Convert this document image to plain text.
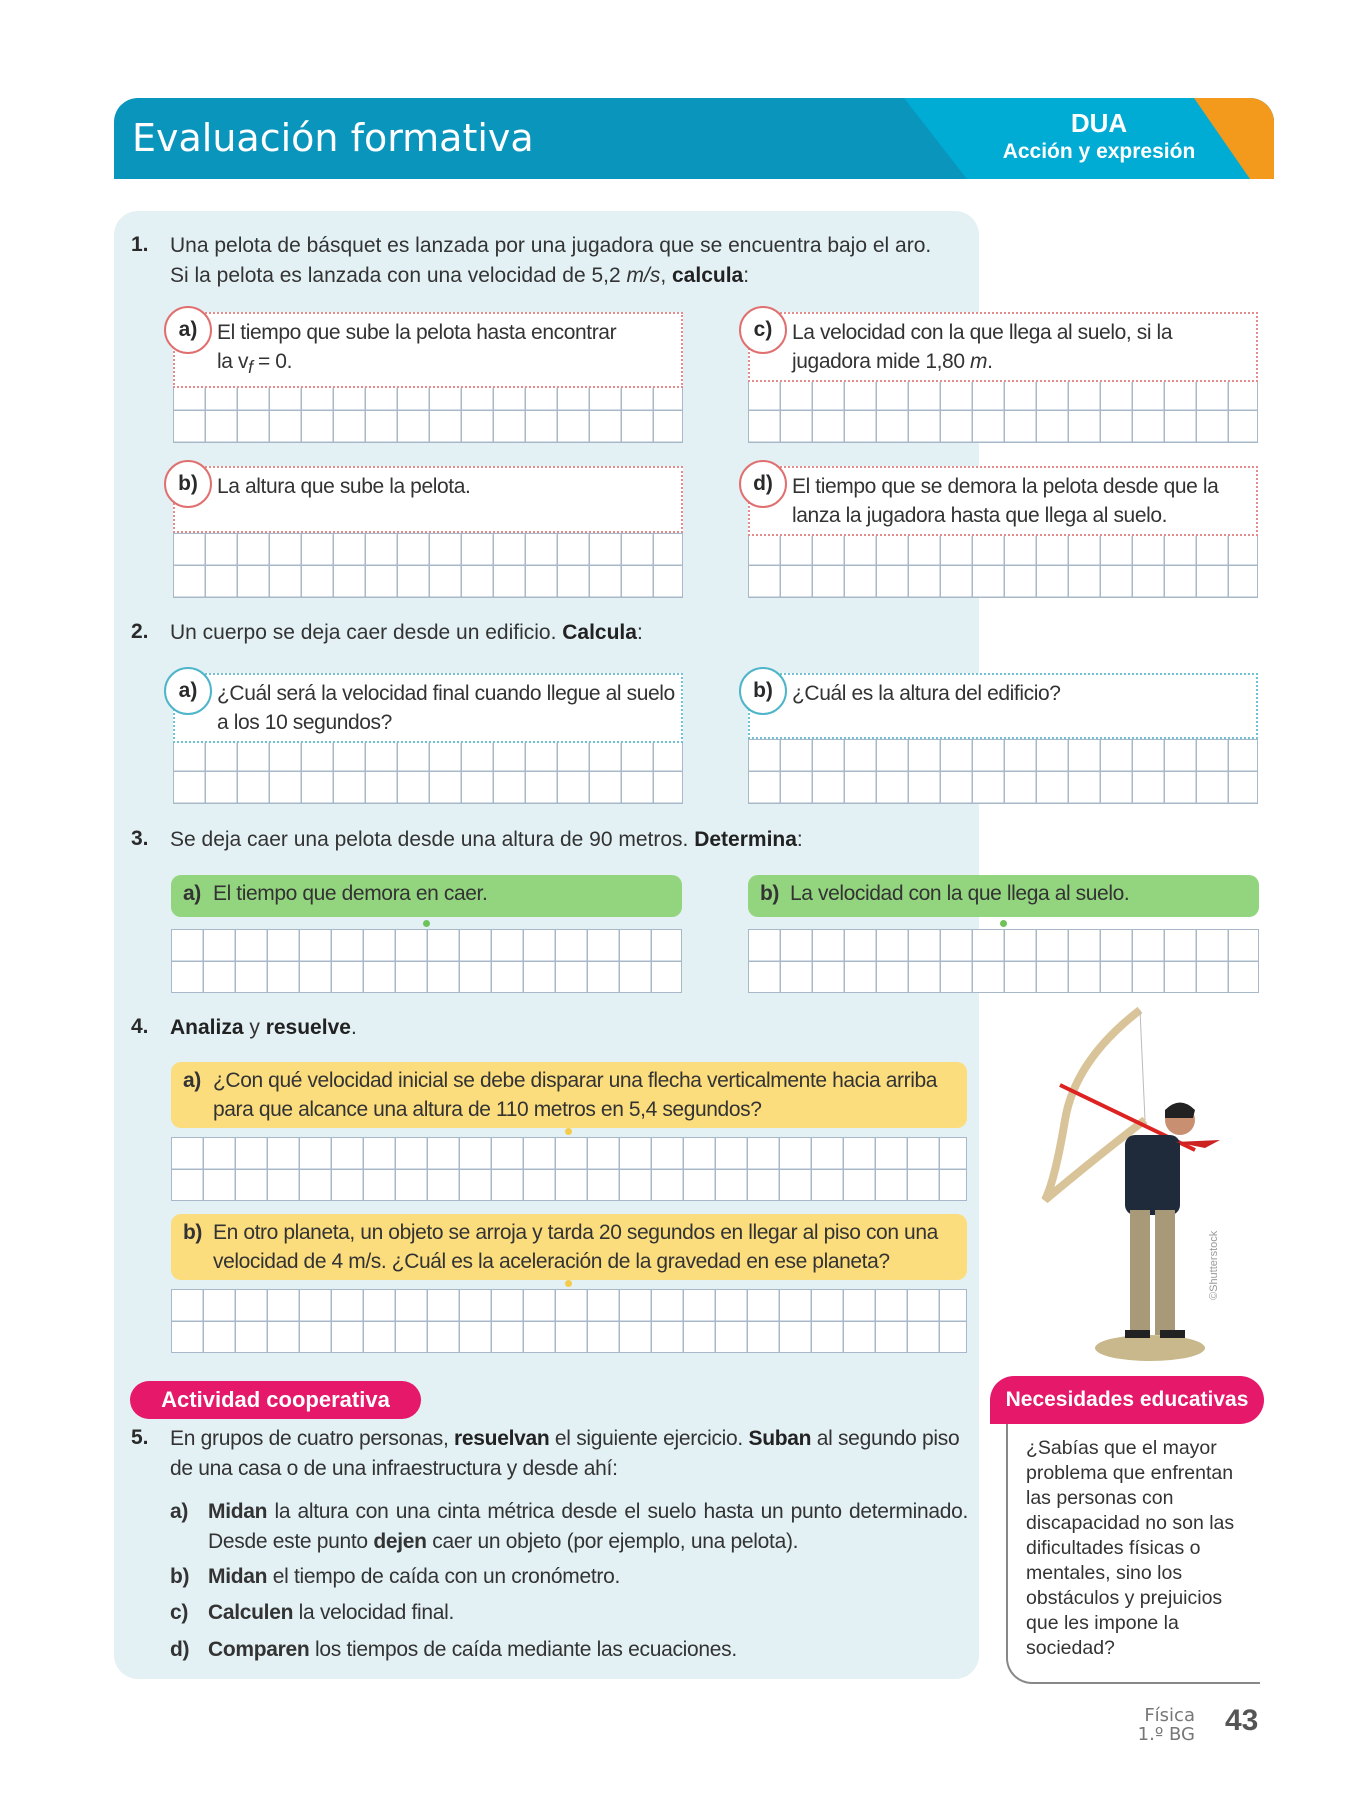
Evaluación formativa	DUA
Acción y expresión
1. Una pelota de básquet es lanzada por una jugadora que se encuentra bajo el aro.
Si la pelota es lanzada con una velocidad de 5,2 m/s, calcula:
El tiempo que sube la pelota hasta encontrar
la $v_f = 0$.
a)
La altura que sube la pelota.
b)
La velocidad con la que llega al suelo, si la
jugadora mide 1,80 m.
c)
El tiempo que se demora la pelota desde que la lanza la jugadora hasta que llega al suelo.
d)
2. Un cuerpo se deja caer desde un edificio. Calcula:
¿Cuál será la velocidad final cuando llegue al suelo a los 10 segundos?
a)	¿Cuál es la altura del edificio?
b)
3. Se deja caer una pelota desde una altura de 90 metros. Determina:
a) El tiempo que demora en caer.	b) La velocidad con la que llega al suelo.
4. Analiza y resuelve.
a) ¿Con qué velocidad inicial se debe disparar una flecha verticalmente hacia arriba para que alcance una altura de 110 metros en 5,4 segundos?
b) En otro planeta, un objeto se arroja y tarda 20 segundos en llegar al piso con una velocidad de 4 m/s. ¿Cuál es la aceleración de la gravedad en ese planeta?	©Shutterstock
Actividad cooperativa
5. En grupos de cuatro personas, resuelvan el siguiente ejercicio. Suban al segundo piso de una casa o de una infraestructura y desde ahí:
a) Midan la altura con una cinta métrica desde el suelo hasta un punto determinado. Desde este punto dejen caer un objeto (por ejemplo, una pelota).
b) Midan el tiempo de caída con un cronómetro.
c) Calculen la velocidad final.
d) Comparen los tiempos de caída mediante las ecuaciones.
Necesidades educativas
¿Sabías que el mayor problema que enfrentan las personas con discapacidad no son las dificultades físicas o mentales, sino los obstáculos y prejuicios que les impone la sociedad?
Física
1.º BG 43
